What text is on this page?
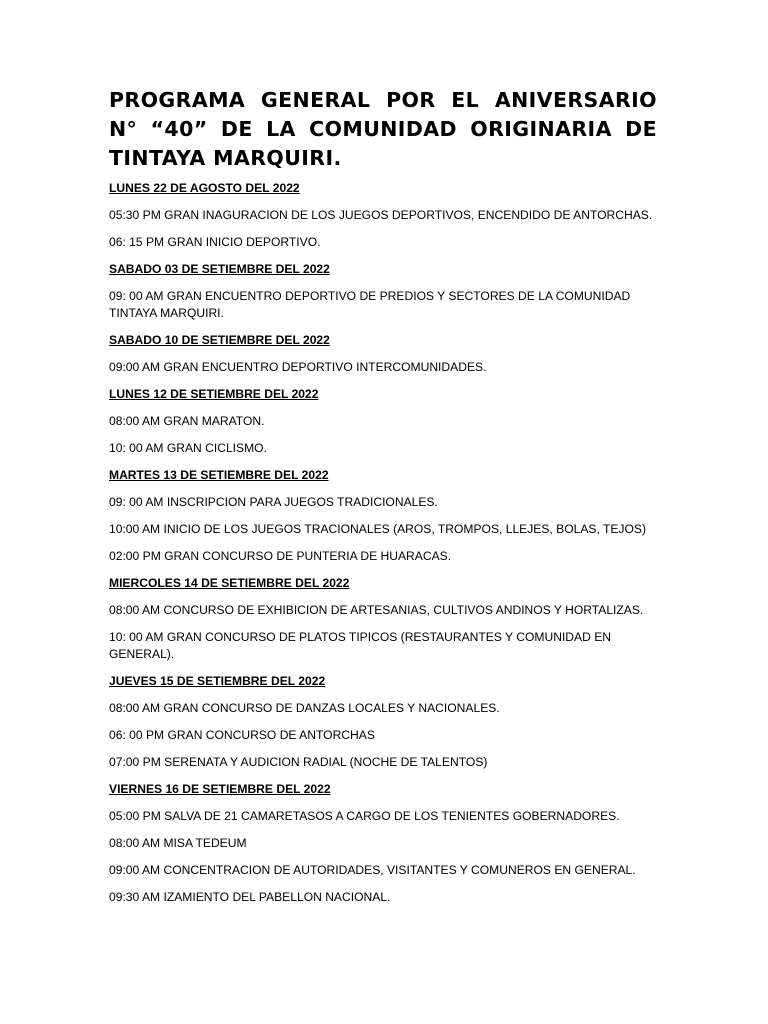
PROGRAMA GENERAL POR EL ANIVERSARIO N° “40” DE LA COMUNIDAD ORIGINARIA DE TINTAYA MARQUIRI.
LUNES 22 DE AGOSTO DEL 2022
05:30 PM GRAN INAGURACION DE LOS JUEGOS DEPORTIVOS, ENCENDIDO DE ANTORCHAS.
06: 15 PM GRAN INICIO DEPORTIVO.
SABADO 03 DE SETIEMBRE DEL 2022
09: 00 AM GRAN ENCUENTRO DEPORTIVO DE PREDIOS Y SECTORES DE LA COMUNIDAD TINTAYA MARQUIRI.
SABADO 10 DE SETIEMBRE DEL 2022
09:00 AM GRAN ENCUENTRO DEPORTIVO INTERCOMUNIDADES.
LUNES 12 DE SETIEMBRE DEL 2022
08:00 AM GRAN MARATON.
10: 00 AM GRAN CICLISMO.
MARTES 13 DE SETIEMBRE DEL 2022
09: 00 AM INSCRIPCION PARA JUEGOS TRADICIONALES.
10:00 AM INICIO DE LOS JUEGOS TRACIONALES (AROS, TROMPOS, LLEJES, BOLAS, TEJOS)
02:00 PM GRAN CONCURSO DE PUNTERIA DE HUARACAS.
MIERCOLES 14 DE SETIEMBRE DEL 2022
08:00 AM CONCURSO DE EXHIBICION DE ARTESANIAS, CULTIVOS ANDINOS Y HORTALIZAS.
10: 00 AM GRAN CONCURSO DE PLATOS TIPICOS (RESTAURANTES Y COMUNIDAD EN GENERAL).
JUEVES 15 DE SETIEMBRE DEL 2022
08:00 AM GRAN CONCURSO DE DANZAS LOCALES Y NACIONALES.
06: 00 PM GRAN CONCURSO DE ANTORCHAS
07:00 PM SERENATA Y AUDICION RADIAL (NOCHE DE TALENTOS)
VIERNES 16 DE SETIEMBRE DEL 2022
05:00 PM SALVA DE 21 CAMARETASOS A CARGO DE LOS TENIENTES GOBERNADORES.
08:00 AM MISA TEDEUM
09:00 AM CONCENTRACION DE AUTORIDADES, VISITANTES Y COMUNEROS EN GENERAL.
09:30 AM IZAMIENTO DEL PABELLON NACIONAL.
